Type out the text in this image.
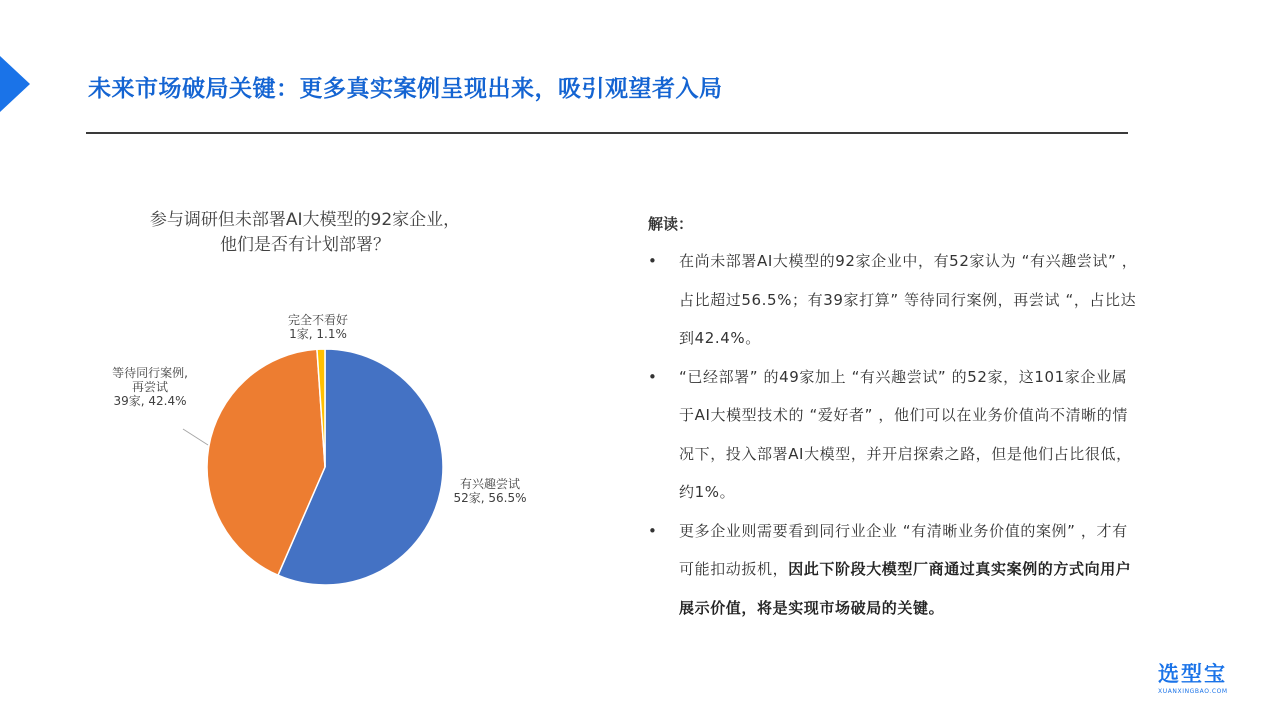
未来市场破局关键：更多真实案例呈现出来，吸引观望者入局
参与调研但未部署AI大模型的92家企业，
他们是否有计划部署？
有兴趣尝试 52家, 56.5%
等待同行案例,再尝试 39家, 42.4%
完全不看好 1家, 1.1%
解读：
• 在尚未部署AI大模型的92家企业中，有52家认为 “有兴趣尝试” ，占比超过56.5%；有39家打算” 等待同行案例，再尝试 “，占比达到42.4%。
• “已经部署” 的49家加上 “有兴趣尝试” 的52家，这101家企业属于AI大模型技术的 “爱好者” ，他们可以在业务价值尚不清晰的情况下，投入部署AI大模型，并开启探索之路，但是他们占比很低，约1%。
• 更多企业则需要看到同行业企业 “有清晰业务价值的案例” ，才有可能扣动扳机，因此下阶段大模型厂商通过真实案例的方式向用户展示价值，将是实现市场破局的关键。
选型宝
XUANXINGBAO.COM
